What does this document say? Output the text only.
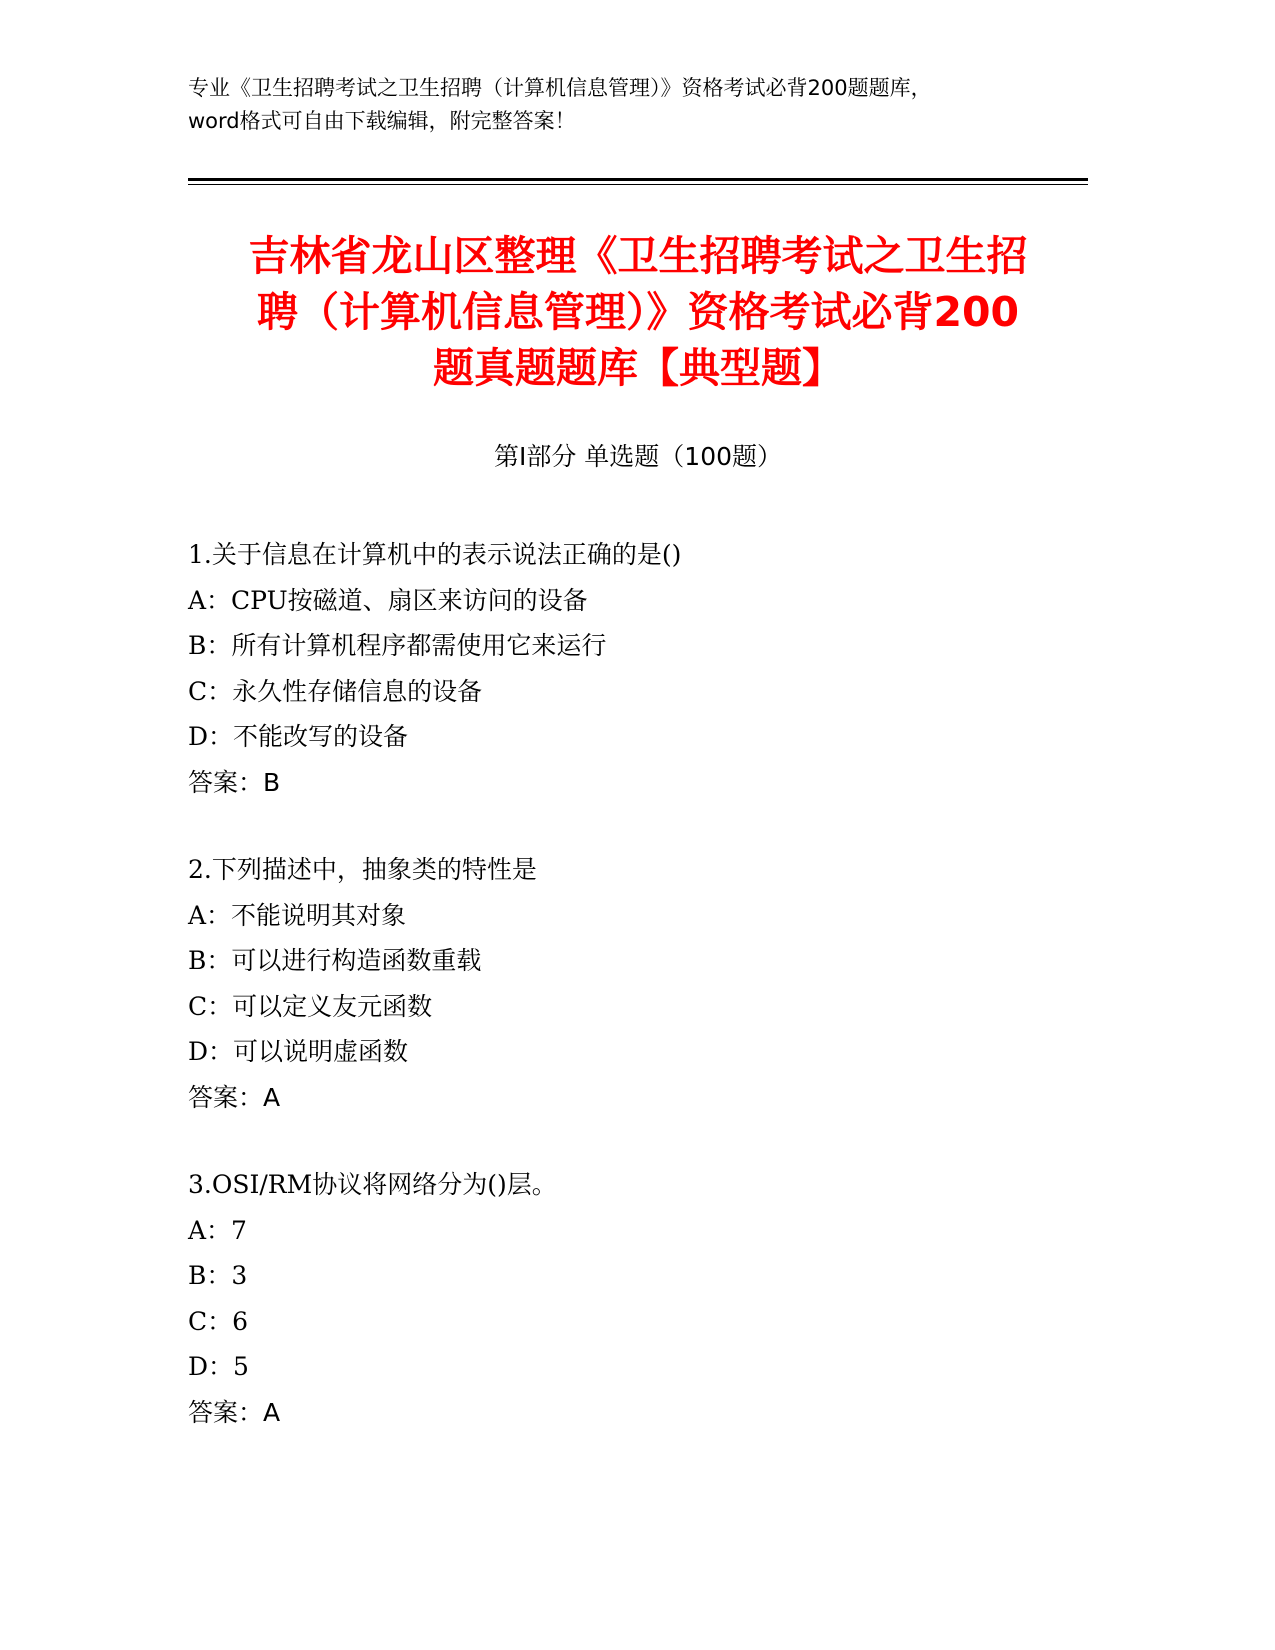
专业《卫生招聘考试之卫生招聘（计算机信息管理）》资格考试必背200题题库，
word格式可自由下载编辑，附完整答案！
吉林省龙山区整理《卫生招聘考试之卫生招
聘（计算机信息管理）》资格考试必背200
题真题题库【典型题】
第I部分 单选题（100题）
1.关于信息在计算机中的表示说法正确的是()
A：CPU按磁道、扇区来访问的设备
B：所有计算机程序都需使用它来运行
C：永久性存储信息的设备
D：不能改写的设备
答案：B
2.下列描述中，抽象类的特性是
A：不能说明其对象
B：可以进行构造函数重载
C：可以定义友元函数
D：可以说明虚函数
答案：A
3.OSI/RM协议将网络分为()层。
A：7
B：3
C：6
D：5
答案：A
